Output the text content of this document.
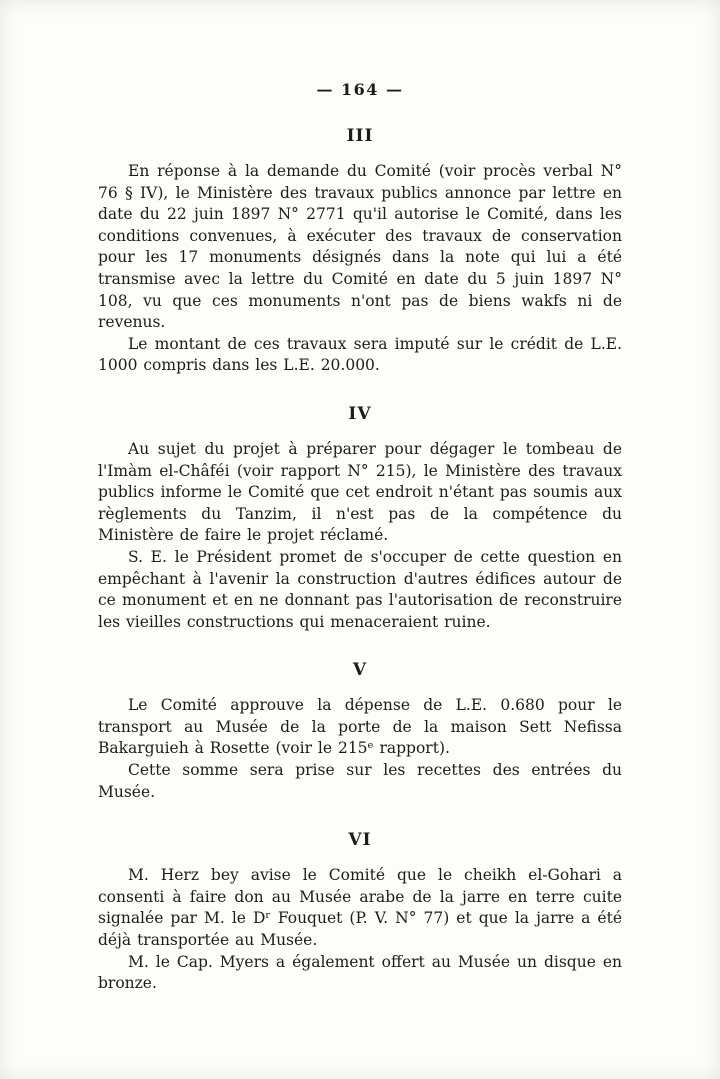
— 164 —
III

En réponse à la demande du Comité (voir procès verbal N° 76 § IV), le Ministère des travaux publics annonce par lettre en date du 22 juin 1897 N° 2771 qu'il autorise le Comité, dans les conditions convenues, à exécuter des travaux de conservation pour les 17 monuments désignés dans la note qui lui a été transmise avec la lettre du Comité en date du 5 juin 1897 N° 108, vu que ces monuments n'ont pas de biens wakfs ni de revenus.

Le montant de ces travaux sera imputé sur le crédit de L.E. 1000 compris dans les L.E. 20.000.

IV

Au sujet du projet à préparer pour dégager le tombeau de l'Imàm el-Châféi (voir rapport N° 215), le Ministère des travaux publics informe le Comité que cet endroit n'étant pas soumis aux règlements du Tanzim, il n'est pas de la compétence du Ministère de faire le projet réclamé.

S. E. le Président promet de s'occuper de cette question en empêchant à l'avenir la construction d'autres édifices autour de ce monument et en ne donnant pas l'autorisation de reconstruire les vieilles constructions qui menaceraient ruine.

V

Le Comité approuve la dépense de L.E. 0.680 pour le transport au Musée de la porte de la maison Sett Nefissa Bakarguieh à Rosette (voir le 215ᵉ rapport).

Cette somme sera prise sur les recettes des entrées du Musée.

VI

M. Herz bey avise le Comité que le cheikh el-Gohari a consenti à faire don au Musée arabe de la jarre en terre cuite signalée par M. le Dʳ Fouquet (P. V. N° 77) et que la jarre a été déjà transportée au Musée.

M. le Cap. Myers a également offert au Musée un disque en bronze.
